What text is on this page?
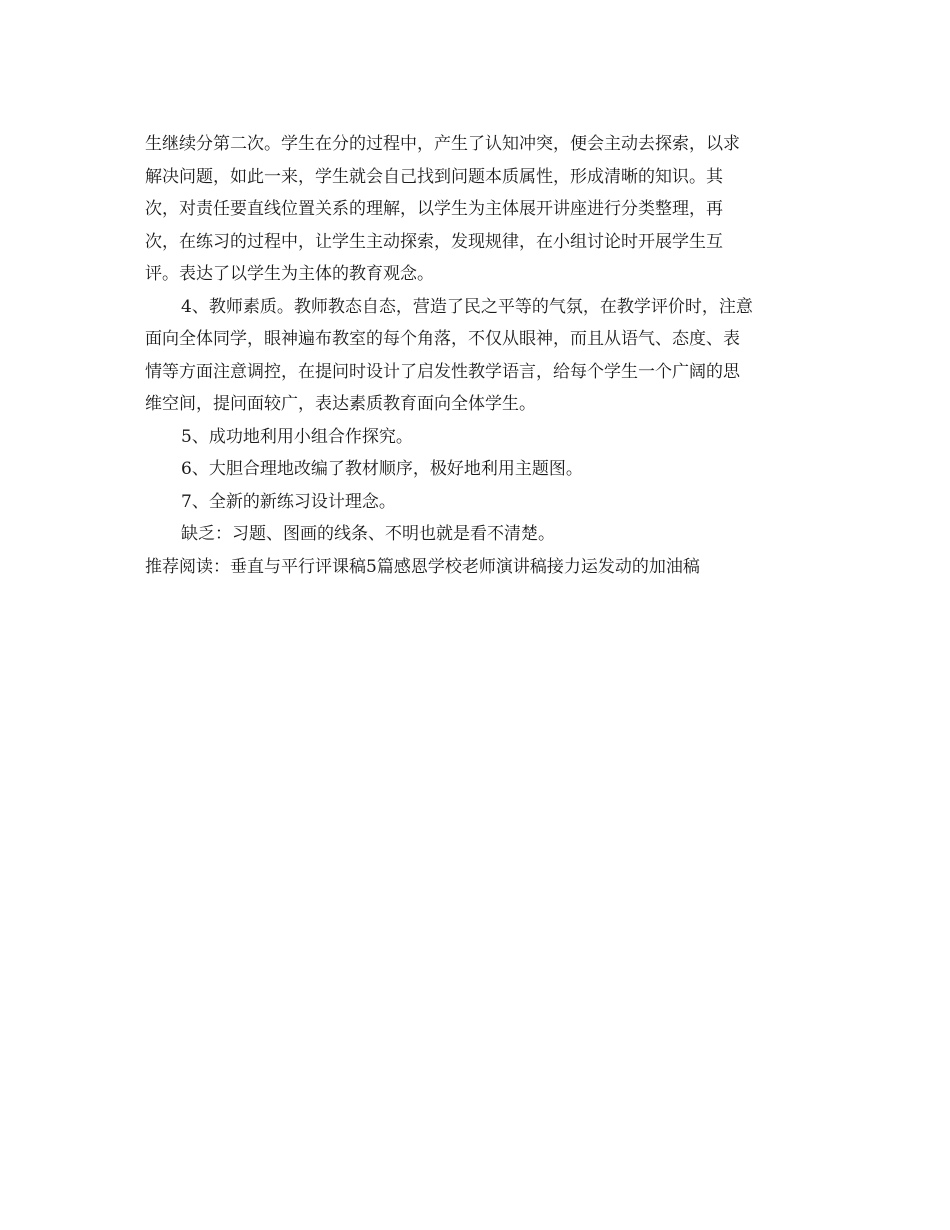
生继续分第二次。学生在分的过程中，产生了认知冲突，便会主动去探索，以求
解决问题，如此一来，学生就会自己找到问题本质属性，形成清晰的知识。其
次，对责任要直线位置关系的理解，以学生为主体展开讲座进行分类整理，再
次，在练习的过程中，让学生主动探索，发现规律，在小组讨论时开展学生互
评。表达了以学生为主体的教育观念。
4、教师素质。教师教态自态，营造了民之平等的气氛，在教学评价时，注意
面向全体同学，眼神遍布教室的每个角落，不仅从眼神，而且从语气、态度、表
情等方面注意调控，在提问时设计了启发性教学语言，给每个学生一个广阔的思
维空间，提问面较广，表达素质教育面向全体学生。
5、成功地利用小组合作探究。
6、大胆合理地改编了教材顺序，极好地利用主题图。
7、全新的新练习设计理念。
缺乏：习题、图画的线条、不明也就是看不清楚。
推荐阅读：垂直与平行评课稿5篇感恩学校老师演讲稿接力运发动的加油稿
